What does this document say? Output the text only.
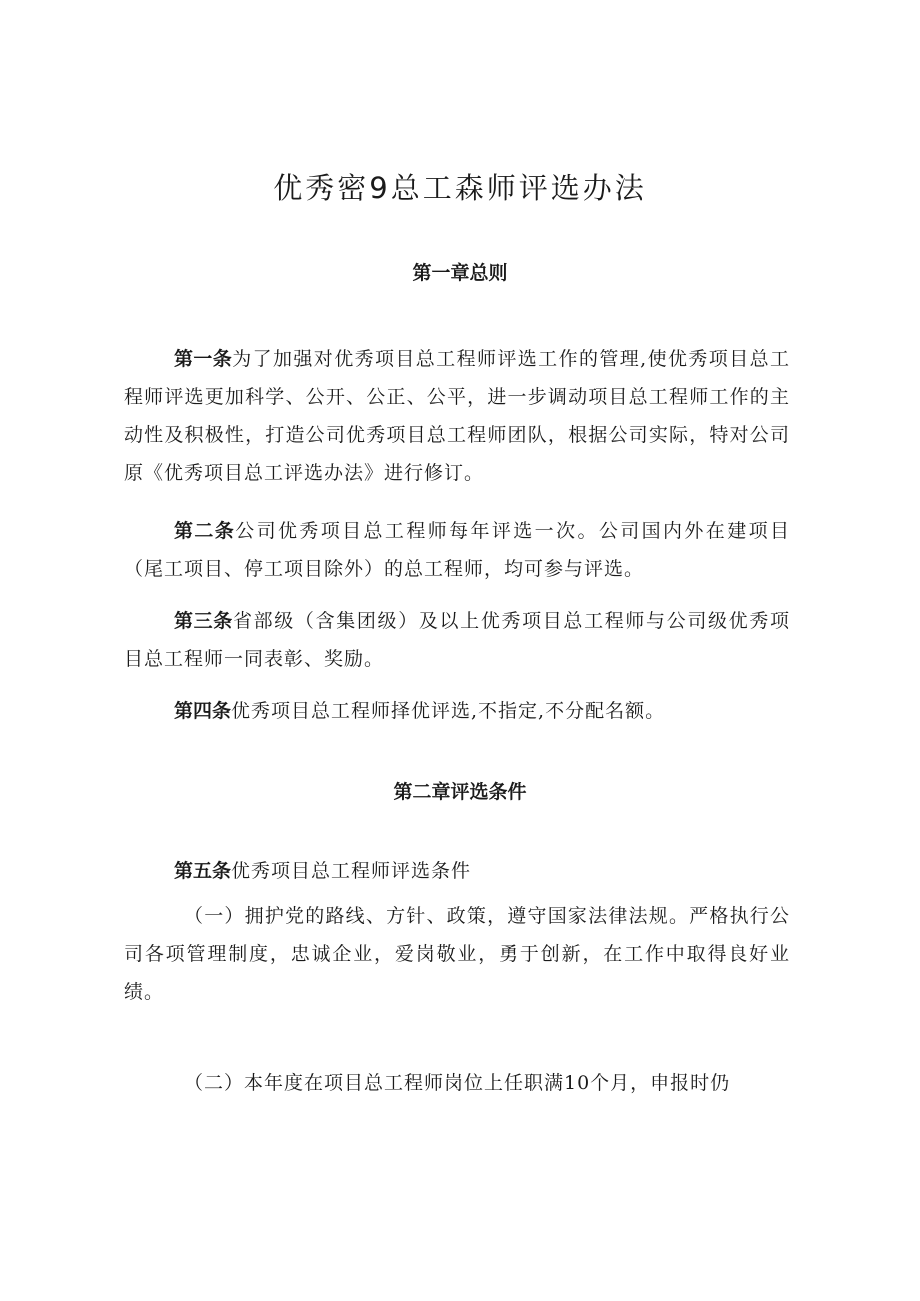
优秀密9总工森师评选办法
第一章总则

第一条为了加强对优秀项目总工程师评选工作的管理,使优秀项目总工程师评选更加科学、公开、公正、公平，进一步调动项目总工程师工作的主动性及积极性，打造公司优秀项目总工程师团队，根据公司实际，特对公司原《优秀项目总工评选办法》进行修订。

第二条公司优秀项目总工程师每年评选一次。公司国内外在建项目（尾工项目、停工项目除外）的总工程师，均可参与评选。

第三条省部级（含集团级）及以上优秀项目总工程师与公司级优秀项目总工程师一同表彰、奖励。

第四条优秀项目总工程师择优评选,不指定,不分配名额。

第二章评选条件

第五条优秀项目总工程师评选条件

（一）拥护党的路线、方针、政策，遵守国家法律法规。严格执行公司各项管理制度，忠诚企业，爱岗敬业，勇于创新，在工作中取得良好业绩。

（二）本年度在项目总工程师岗位上任职满10个月，申报时仍
